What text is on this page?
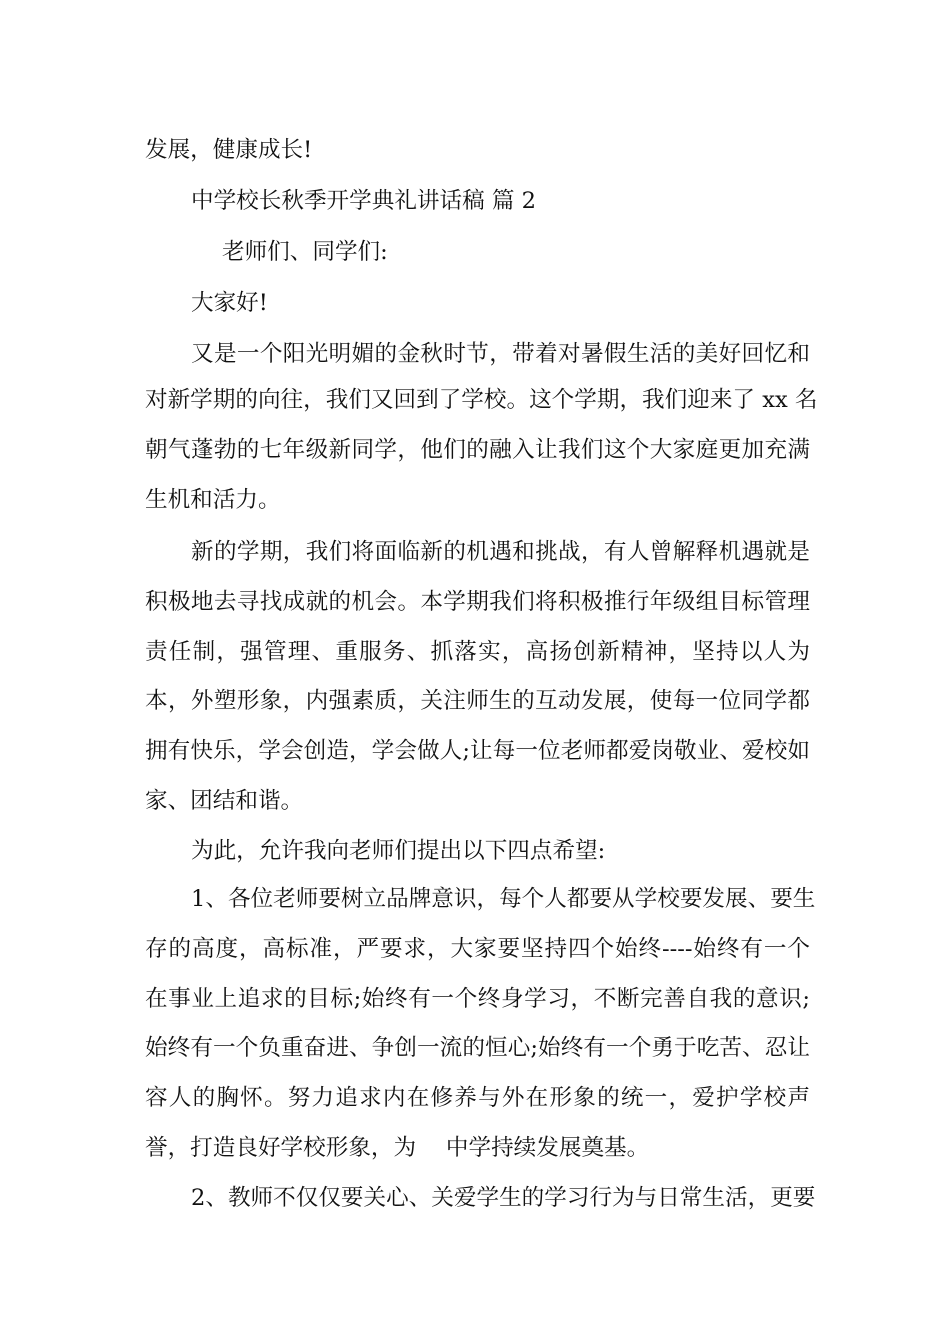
发展，健康成长!
中学校长秋季开学典礼讲话稿 篇 2
老师们、同学们:
大家好!
又是一个阳光明媚的金秋时节，带着对暑假生活的美好回忆和
对新学期的向往，我们又回到了学校。这个学期，我们迎来了 xx 名
朝气蓬勃的七年级新同学，他们的融入让我们这个大家庭更加充满
生机和活力。
新的学期，我们将面临新的机遇和挑战，有人曾解释机遇就是
积极地去寻找成就的机会。本学期我们将积极推行年级组目标管理
责任制，强管理、重服务、抓落实，高扬创新精神，坚持以人为
本，外塑形象，内强素质，关注师生的互动发展，使每一位同学都
拥有快乐，学会创造，学会做人;让每一位老师都爱岗敬业、爱校如
家、团结和谐。
为此，允许我向老师们提出以下四点希望:
1、各位老师要树立品牌意识，每个人都要从学校要发展、要生
存的高度，高标准，严要求，大家要坚持四个始终----始终有一个
在事业上追求的目标;始终有一个终身学习，不断完善自我的意识;
始终有一个负重奋进、争创一流的恒心;始终有一个勇于吃苦、忍让
容人的胸怀。努力追求内在修养与外在形象的统一，爱护学校声
誉，打造良好学校形象，为　 中学持续发展奠基。
2、教师不仅仅要关心、关爱学生的学习行为与日常生活，更要
